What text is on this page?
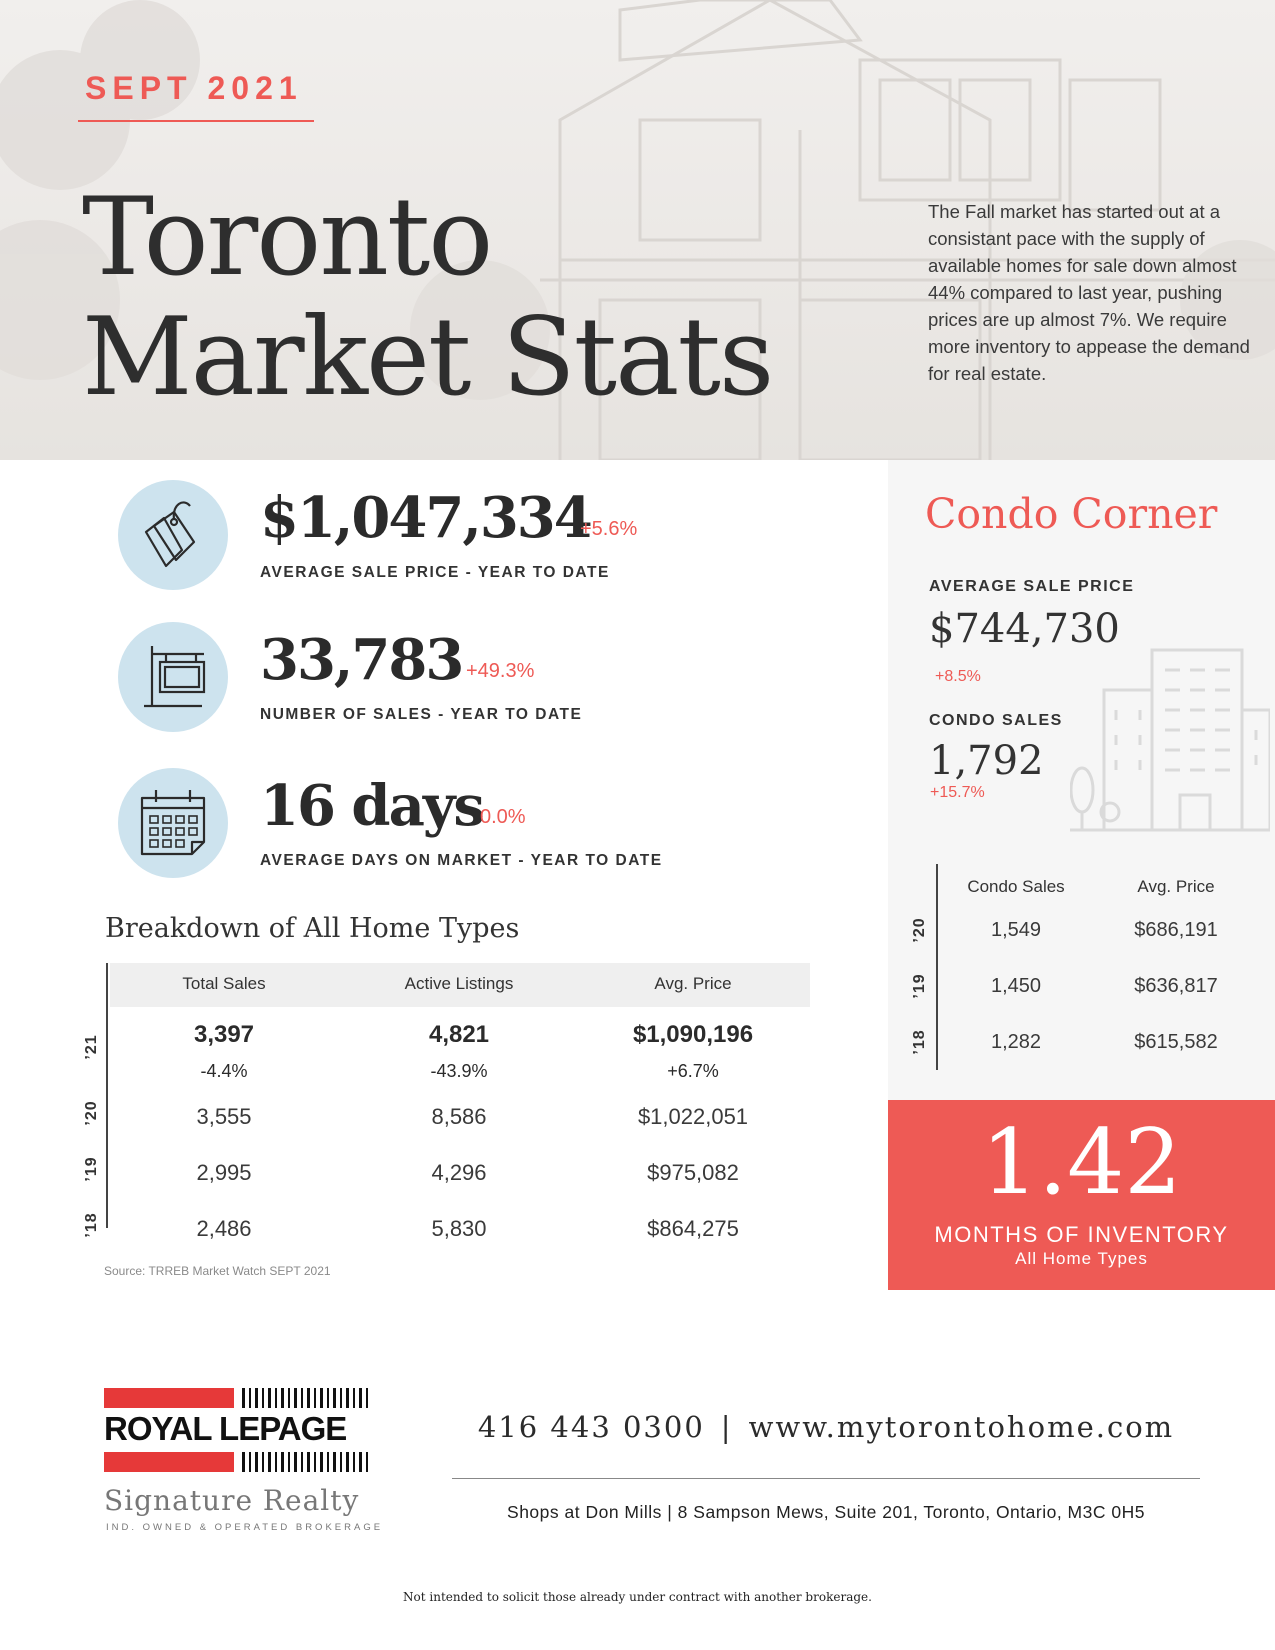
SEPT 2021
Toronto
Market Stats
The Fall market has started out at a consistant pace with the supply of available homes for sale down almost 44% compared to last year, pushing prices are up almost 7%. We require more inventory to appease the demand for real estate.
$1,047,334
+5.6%
AVERAGE SALE PRICE - YEAR TO DATE
33,783 +49.3%
NUMBER OF SALES - YEAR TO DATE
16 days
0.0%
AVERAGE DAYS ON MARKET - YEAR TO DATE
Breakdown of All Home Types
Total Sales	Active Listings	Avg. Price
’21	3,397	4,821	$1,090,196
-4.4%	-43.9%	+6.7%
’20	3,555	8,586	$1,022,051
’19	2,995	4,296	$975,082
’18	2,486	5,830	$864,275
Source: TRREB Market Watch SEPT 2021
Condo Corner
AVERAGE SALE PRICE
$744,730
+8.5%
CONDO SALES
1,792
+15.7%
Condo Sales	Avg. Price
’20	1,549	$686,191
’19	1,450	$636,817
’18	1,282	$615,582
1.42
MONTHS OF INVENTORY
All Home Types
ROYAL LEPAGE
Signature Realty
IND. OWNED & OPERATED BROKERAGE
416 443 0300 | www.mytorontohome.com
Shops at Don Mills | 8 Sampson Mews, Suite 201, Toronto, Ontario, M3C 0H5
Not intended to solicit those already under contract with another brokerage.
